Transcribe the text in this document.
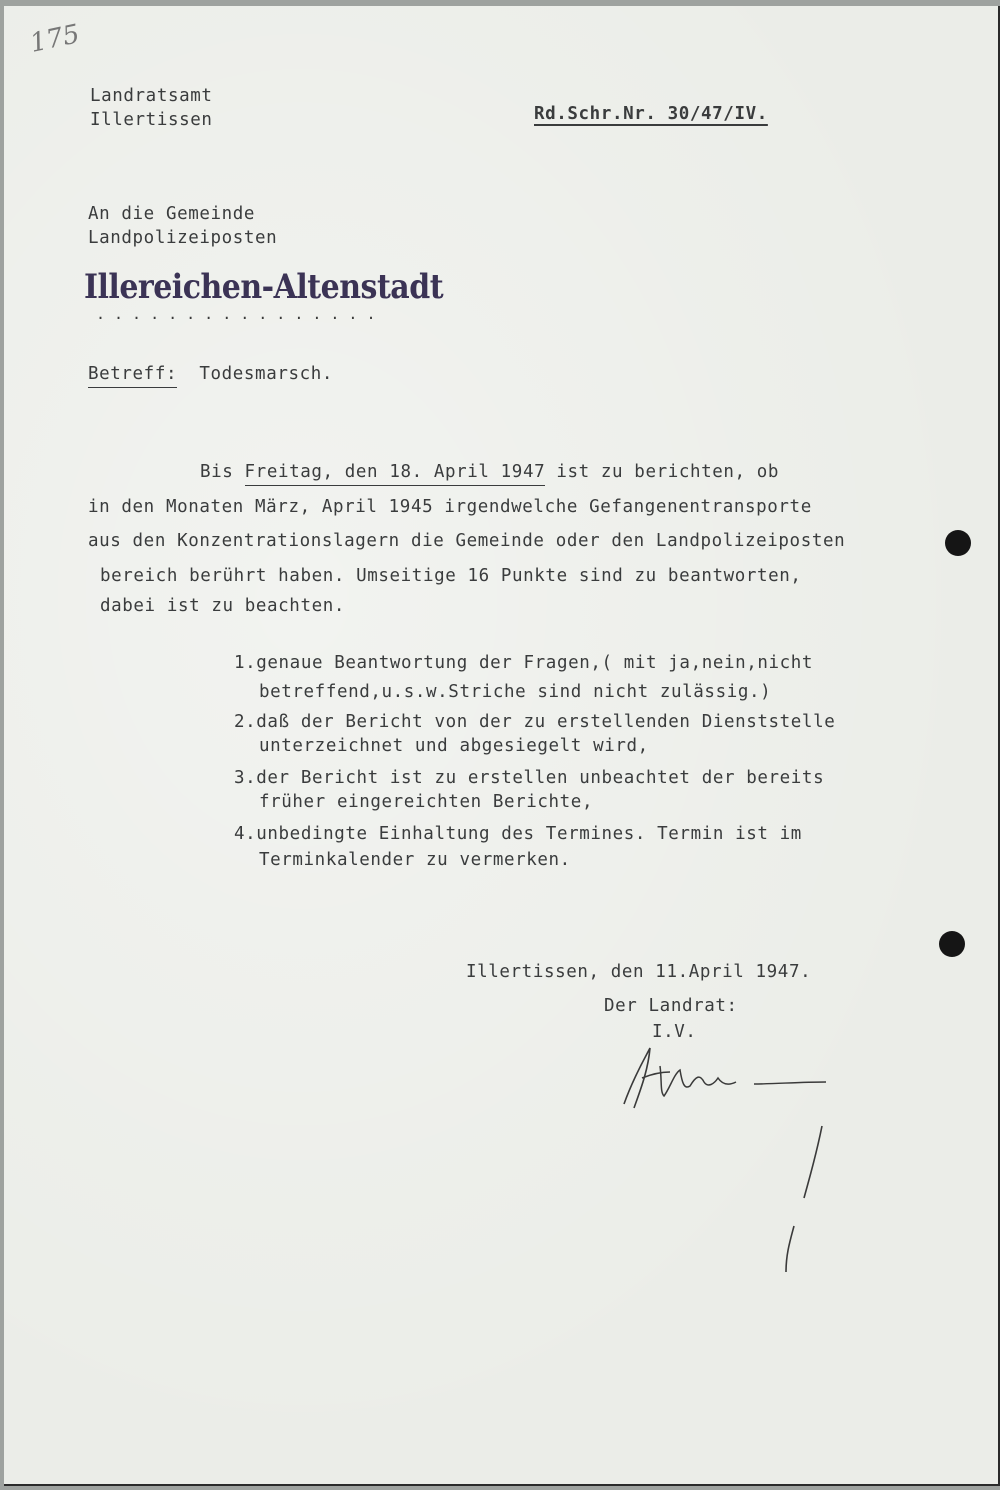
175
Landratsamt
Illertissen	Rd.Schr.Nr. 30/47/IV.
An die Gemeinde
Landpolizeiposten
Illereichen-Altenstadt
................
Betreff: Todesmarsch.
Bis Freitag, den 18. April 1947 ist zu berichten, ob
in den Monaten März, April 1945 irgendwelche Gefangenentransporte
aus den Konzentrationslagern die Gemeinde oder den Landpolizeiposten
bereich berührt haben. Umseitige 16 Punkte sind zu beantworten,
dabei ist zu beachten.
1.genaue Beantwortung der Fragen,( mit ja,nein,nicht
betreffend,u.s.w.Striche sind nicht zulässig.)
2.daß der Bericht von der zu erstellenden Dienststelle
unterzeichnet und abgesiegelt wird,
3.der Bericht ist zu erstellen unbeachtet der bereits
früher eingereichten Berichte,
4.unbedingte Einhaltung des Termines. Termin ist im
Terminkalender zu vermerken.
Illertissen, den 11.April 1947.
Der Landrat:
I.V.
